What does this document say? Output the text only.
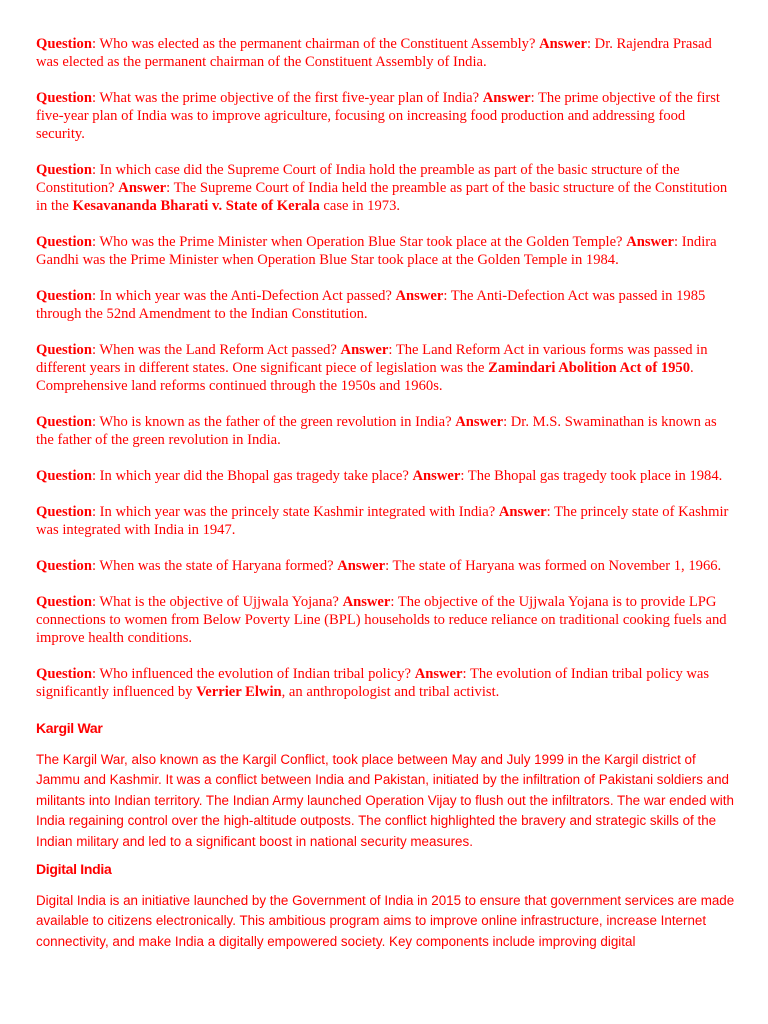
Question: Who was elected as the permanent chairman of the Constituent Assembly? Answer: Dr. Rajendra Prasad was elected as the permanent chairman of the Constituent Assembly of India.

Question: What was the prime objective of the first five-year plan of India? Answer: The prime objective of the first five-year plan of India was to improve agriculture, focusing on increasing food production and addressing food security.

Question: In which case did the Supreme Court of India hold the preamble as part of the basic structure of the Constitution? Answer: The Supreme Court of India held the preamble as part of the basic structure of the Constitution in the Kesavananda Bharati v. State of Kerala case in 1973.

Question: Who was the Prime Minister when Operation Blue Star took place at the Golden Temple? Answer: Indira Gandhi was the Prime Minister when Operation Blue Star took place at the Golden Temple in 1984.

Question: In which year was the Anti-Defection Act passed? Answer: The Anti-Defection Act was passed in 1985 through the 52nd Amendment to the Indian Constitution.

Question: When was the Land Reform Act passed? Answer: The Land Reform Act in various forms was passed in different years in different states. One significant piece of legislation was the Zamindari Abolition Act of 1950. Comprehensive land reforms continued through the 1950s and 1960s.

Question: Who is known as the father of the green revolution in India? Answer: Dr. M.S. Swaminathan is known as the father of the green revolution in India.

Question: In which year did the Bhopal gas tragedy take place? Answer: The Bhopal gas tragedy took place in 1984.

Question: In which year was the princely state Kashmir integrated with India? Answer: The princely state of Kashmir was integrated with India in 1947.

Question: When was the state of Haryana formed? Answer: The state of Haryana was formed on November 1, 1966.

Question: What is the objective of Ujjwala Yojana? Answer: The objective of the Ujjwala Yojana is to provide LPG connections to women from Below Poverty Line (BPL) households to reduce reliance on traditional cooking fuels and improve health conditions.

Question: Who influenced the evolution of Indian tribal policy? Answer: The evolution of Indian tribal policy was significantly influenced by Verrier Elwin, an anthropologist and tribal activist.

Kargil War

The Kargil War, also known as the Kargil Conflict, took place between May and July 1999 in the Kargil district of Jammu and Kashmir. It was a conflict between India and Pakistan, initiated by the infiltration of Pakistani soldiers and militants into Indian territory. The Indian Army launched Operation Vijay to flush out the infiltrators. The war ended with India regaining control over the high-altitude outposts. The conflict highlighted the bravery and strategic skills of the Indian military and led to a significant boost in national security measures.

Digital India

Digital India is an initiative launched by the Government of India in 2015 to ensure that government services are made available to citizens electronically. This ambitious program aims to improve online infrastructure, increase Internet connectivity, and make India a digitally empowered society. Key components include improving digital
